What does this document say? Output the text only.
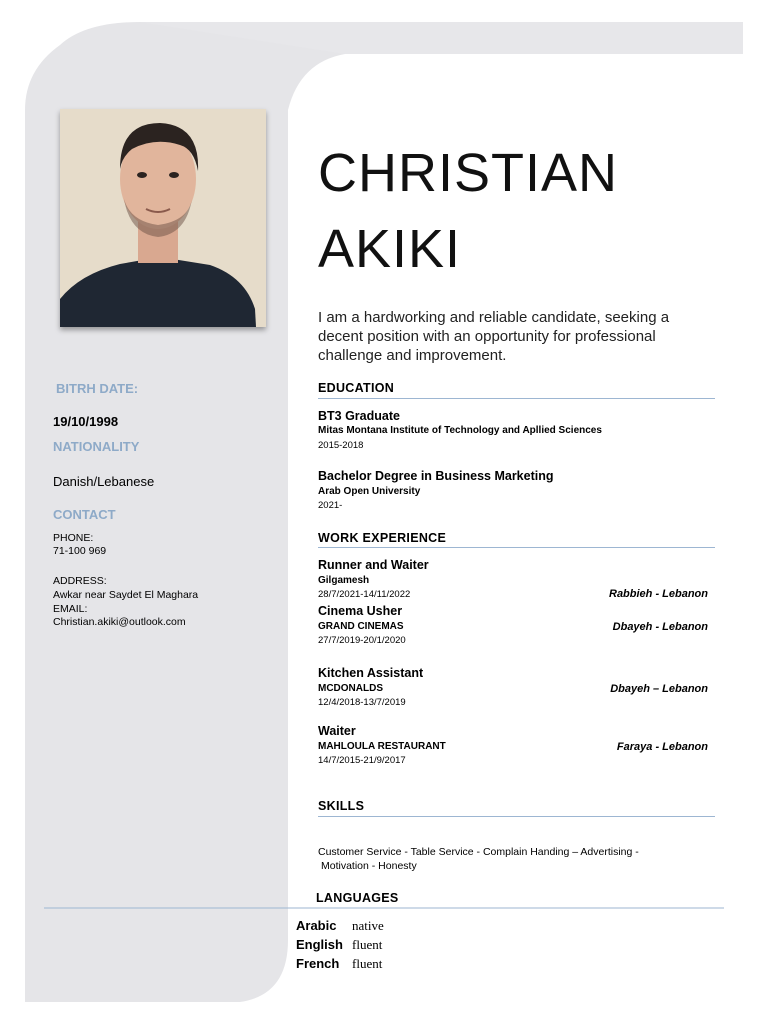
BITRH DATE:
19/10/1998
NATIONALITY
Danish/Lebanese
CONTACT
PHONE:
71-100 969
ADDRESS:
Awkar near Saydet El Maghara
EMAIL:
Christian.akiki@outlook.com
CHRISTIAN
AKIKI
I am a hardworking and reliable candidate, seeking a decent position with an opportunity for professional challenge and improvement.
EDUCATION
BT3 Graduate
Mitas Montana Institute of Technology and Apllied Sciences
2015-2018
Bachelor Degree in Business Marketing
Arab Open University
2021-
WORK EXPERIENCE
Runner and Waiter
Gilgamesh
28/7/2021-14/11/2022	Rabbieh - Lebanon
Cinema Usher
GRAND CINEMAS
27/7/2019-20/1/2020
Dbayeh - Lebanon
Kitchen Assistant
MCDONALDS
12/4/2018-13/7/2019
Dbayeh – Lebanon
Waiter
MAHLOULA RESTAURANT
14/7/2015-21/9/2017
Faraya - Lebanon
SKILLS
Customer Service - Table Service - Complain Handing – Advertising -
Motivation - Honesty
LANGUAGES
Arabic native
English fluent
French fluent
